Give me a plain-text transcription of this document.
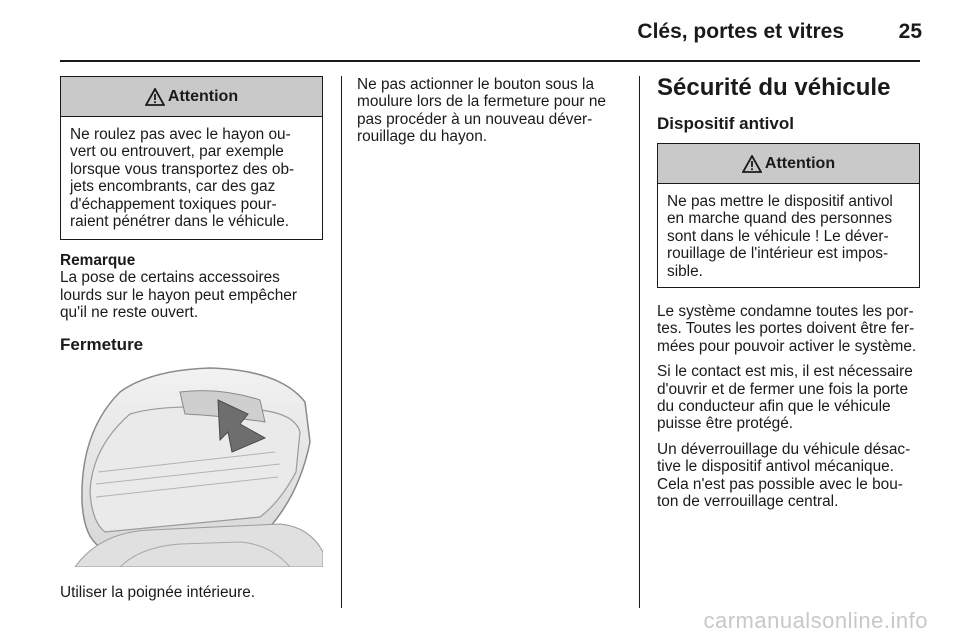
Clés, portes et vitres	25
Attention

Ne roulez pas avec le hayon ou- vert ou entrouvert, par exemple lorsque vous transportez des ob- jets encombrants, car des gaz d'échappement toxiques pour- raient pénétrer dans le véhicule.

Remarque

La pose de certains accessoires lourds sur le hayon peut empêcher qu'il ne reste ouvert.

Fermeture

Utiliser la poignée intérieure.

Ne pas actionner le bouton sous la moulure lors de la fermeture pour ne pas procéder à un nouveau déver- rouillage du hayon.

Sécurité du véhicule

Dispositif antivol

Attention

Ne pas mettre le dispositif antivol en marche quand des personnes sont dans le véhicule ! Le déver- rouillage de l'intérieur est impos- sible.

Le système condamne toutes les por- tes. Toutes les portes doivent être fer- mées pour pouvoir activer le système.

Si le contact est mis, il est nécessaire d'ouvrir et de fermer une fois la porte du conducteur afin que le véhicule puisse être protégé.

Un déverrouillage du véhicule désac- tive le dispositif antivol mécanique. Cela n'est pas possible avec le bou- ton de verrouillage central.

carmanualsonline.info
